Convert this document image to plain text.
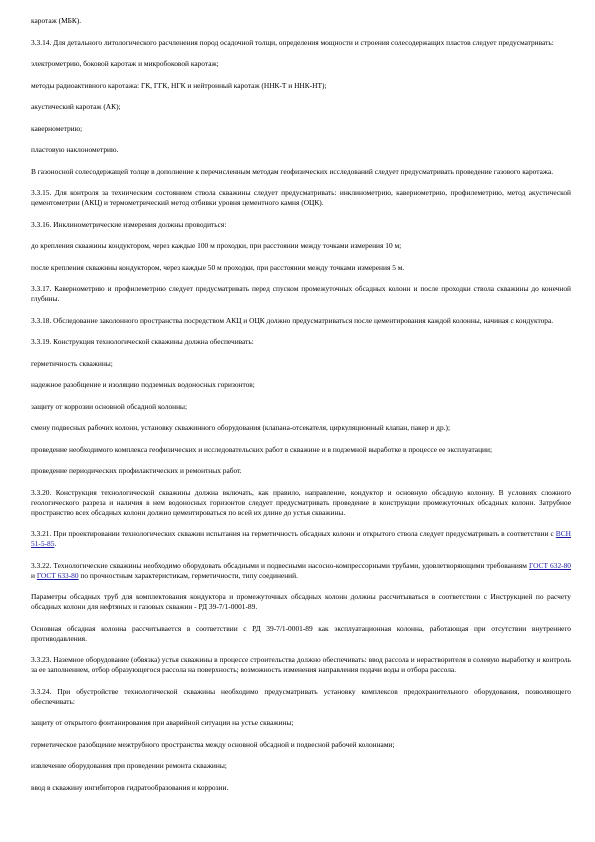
каротаж (МБК).

3.3.14. Для детального литологического расчленения пород осадочной толщи, определения мощности и строения солесодержащих пластов следует предусматривать:

электрометрию, боковой каротаж и микробоковой каротаж;

методы радиоактивного каротажа: ГК, ГГК, НГК и нейтронный каротаж (ННК-Т и ННК-НТ);

акустический каротаж (АК);

кавернометрию;

пластовую наклонометрию.

В газоносной солесодержащей толще в дополнение к перечисленным методам геофизических исследований следует предусматривать проведение газового каротажа.

3.3.15. Для контроля за техническим состоянием ствола скважины следует предусматривать: инклинометрию, кавернометрию, профилеметрию, метод акустической цементометрии (АКЦ) и термометрический метод отбивки уровня цементного камня (ОЦК).

3.3.16. Инклинометрические измерения должны проводиться:

до крепления скважины кондуктором, через каждые 100 м проходки, при расстоянии между точками измерения 10 м;

после крепления скважины кондуктором, через каждые 50 м проходки, при расстоянии между точками измерения 5 м.

3.3.17. Кавернометрию и профилеметрию следует предусматривать перед спуском промежуточных обсадных колонн и после проходки ствола скважины до конечной глубины.

3.3.18. Обследование заколонного пространства посредством АКЦ и ОЦК должно предусматриваться после цементирования каждой колонны, начиная с кондуктора.

3.3.19. Конструкция технологической скважины должна обеспечивать:

герметичность скважины;

надежное разобщение и изоляцию подземных водоносных горизонтов;

защиту от коррозии основной обсадной колонны;

смену подвесных рабочих колонн, установку скважинного оборудования (клапана-отсекателя, циркуляционный клапан, пакер и др.);

проведение необходимого комплекса геофизических и исследовательских работ в скважине и в подземной выработке в процессе ее эксплуатации;

проведение периодических профилактических и ремонтных работ.

3.3.20. Конструкция технологической скважины должна включать, как правило, направление, кондуктор и основную обсадную колонну. В условиях сложного геологического разреза и наличия в нем водоносных горизонтов следует предусматривать проведение в конструкции промежуточных обсадных колонн. Затрубное пространство всех обсадных колонн должно цементироваться по всей их длине до устья скважины.

3.3.21. При проектировании технологических скважин испытания на герметичность обсадных колонн и открытого ствола следует предусматривать в соответствии с ВСН 51-5-85.

3.3.22. Технологические скважины необходимо оборудовать обсадными и подвесными насосно-компрессорными трубами, удовлетворяющими требованиям ГОСТ 632-80 и ГОСТ 633-80 по прочностным характеристикам, герметичности, типу соединений.

Параметры обсадных труб для комплектования кондуктора и промежуточных обсадных колонн должны рассчитываться в соответствии с Инструкцией по расчету обсадных колонн для нефтяных и газовых скважин - РД 39-7/1-0001-89.

Основная обсадная колонна рассчитывается в соответствии с РД 39-7/1-0001-89 как эксплуатационная колонна, работающая при отсутствии внутреннего противодавления.

3.3.23. Наземное оборудование (обвязка) устья скважины в процессе строительства должно обеспечивать: ввод рассола и нерастворителя в солевую выработку и контроль за ее заполнением, отбор образующегося рассола на поверхность; возможность изменения направления подачи воды и отбора рассола.

3.3.24. При обустройстве технологической скважины необходимо предусматривать установку комплексов предохранительного оборудования, позволяющего обеспечивать:

защиту от открытого фонтанирования при аварийной ситуации на устье скважины;

герметическое разобщение межтрубного пространства между основной обсадной и подвесной рабочей колоннами;

извлечение оборудования при проведении ремонта скважины;

ввод в скважину ингибиторов гидратообразования и коррозии.
